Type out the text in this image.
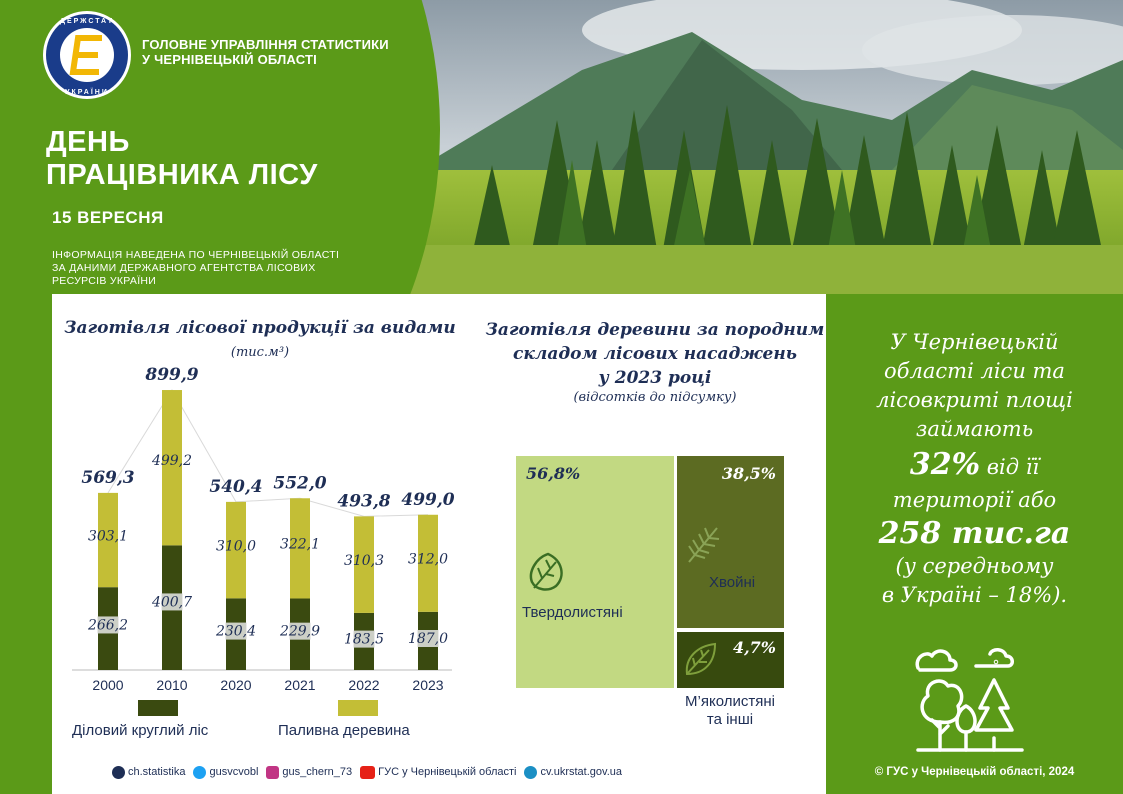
ДЕРЖСТАТ
УКРАЇНИ
ГОЛОВНЕ УПРАВЛІННЯ СТАТИСТИКИ
У ЧЕРНІВЕЦЬКІЙ ОБЛАСТІ
ДЕНЬ
ПРАЦІВНИКА ЛІСУ
15 ВЕРЕСНЯ
ІНФОРМАЦІЯ НАВЕДЕНА ПО ЧЕРНІВЕЦЬКІЙ ОБЛАСТІ
ЗА ДАНИМИ ДЕРЖАВНОГО АГЕНТСТВА ЛІСОВИХ
РЕСУРСІВ УКРАЇНИ
Заготівля лісової продукції за видами
(тис.м³)
266,2
303,1
569,3
2000
400,7
499,2
899,9
2010
230,4
310,0
540,4
2020
229,9
322,1
552,0
2021
183,5
310,3
493,8
2022
187,0
312,0
499,0
2023
Діловий круглий ліс	Паливна деревина
Заготівля деревини за породним
складом лісових насаджень
у 2023 році
(відсотків до підсумку)
56,8%
Твердолистяні
38,5%
Хвойні
4,7%
М’яколистяні
та інші
ch.statistika gusvcvobl gus_chern_73 ГУС у Чернівецькій області cv.ukrstat.gov.ua
У Чернівецькій
області ліси та
лісовкриті площі
займають
32% від її
території або
258 тис.га
(у середньому
в Україні – 18%).
© ГУС у Чернівецькій області, 2024
